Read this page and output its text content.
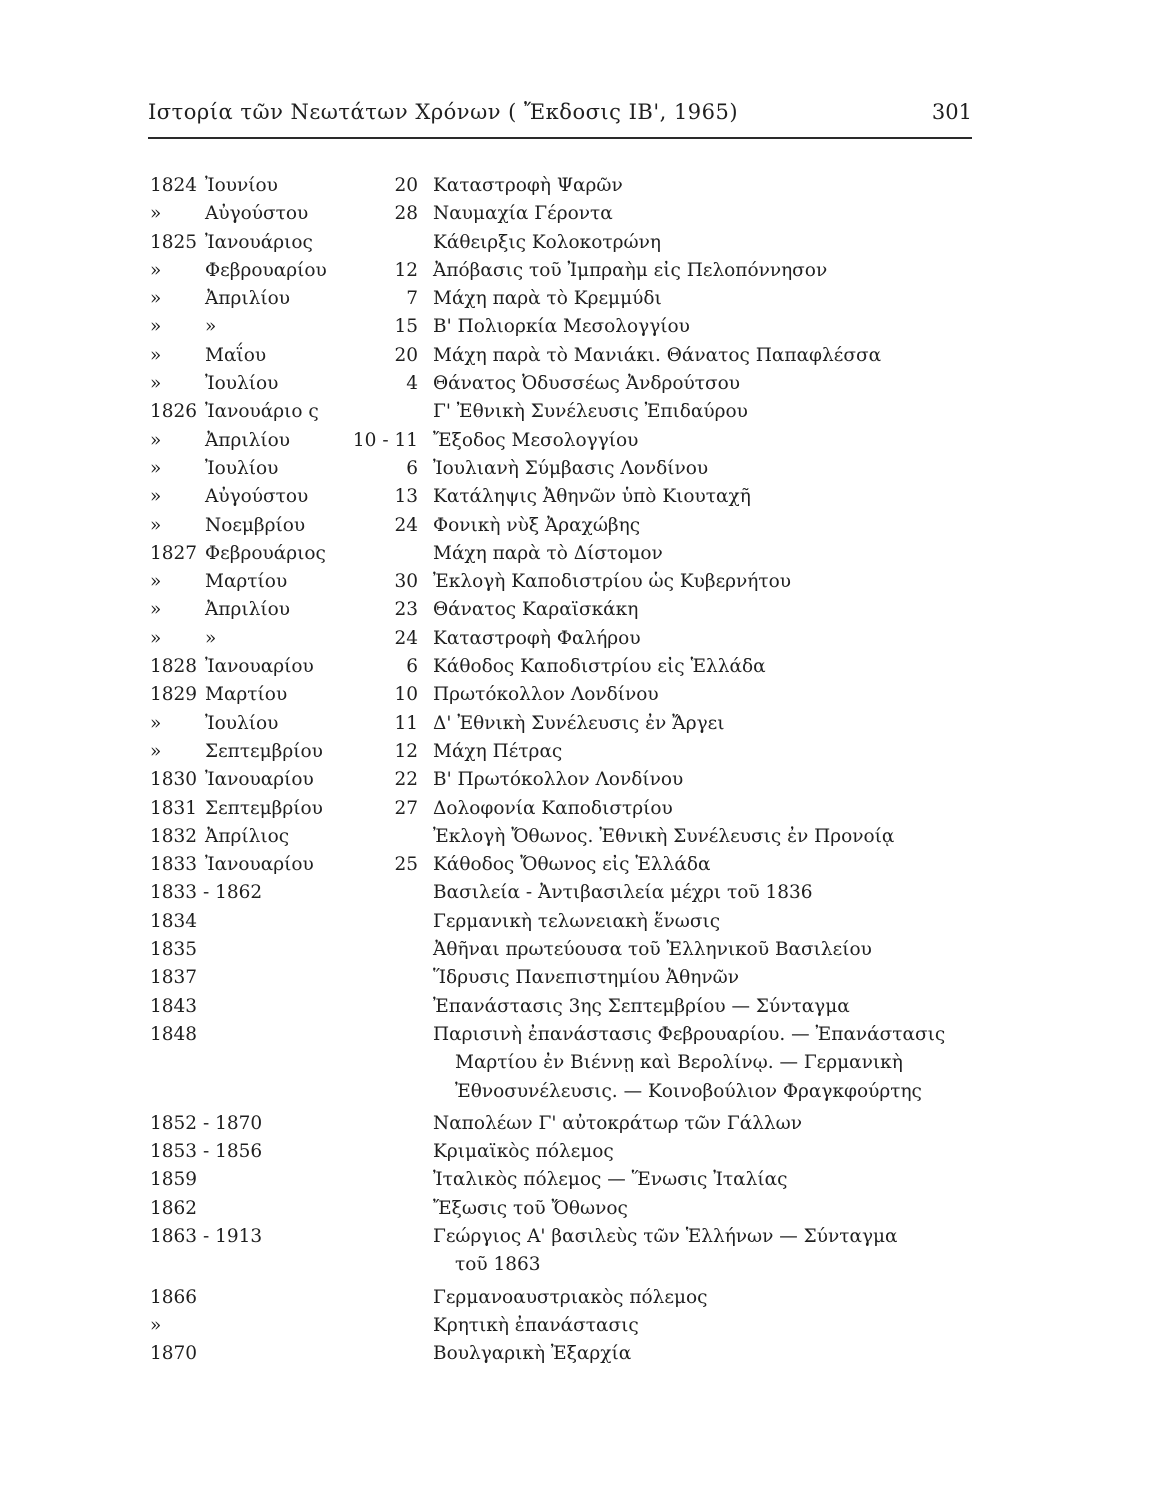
Ιστορία τῶν Νεωτάτων Χρόνων ( Ἔκδοσις ΙΒ', 1965)	301
1824 Ἰουνίου	20 Καταστροφὴ Ψαρῶν
»	Αὐγούστου	28 Ναυμαχία Γέροντα
1825 Ἰανουάριος	Κάθειρξις Κολοκοτρώνη
»	Φεβρουαρίου	12 Ἀπόβασις τοῦ Ἰμπραὴμ εἰς Πελοπόννησον
»	Ἀπριλίου	7 Μάχη παρὰ τὸ Κρεμμύδι
»	»	15 Β' Πολιορκία Μεσολογγίου
»	Μαΐου	20 Μάχη παρὰ τὸ Μανιάκι. Θάνατος Παπαφλέσσα
»	Ἰουλίου	4 Θάνατος Ὀδυσσέως Ἀνδρούτσου
1826 Ἰανουάριο ς	Γ' Ἐθνικὴ Συνέλευσις Ἐπιδαύρου
»	Ἀπριλίου	10 - 11 Ἔξοδος Μεσολογγίου
»	Ἰουλίου	6 Ἰουλιανὴ Σύμβασις Λονδίνου
»	Αὐγούστου	13 Κατάληψις Ἀθηνῶν ὑπὸ Κιουταχῆ
»	Νοεμβρίου	24 Φονικὴ νὺξ Ἀραχώβης
1827 Φεβρουάριος	Μάχη παρὰ τὸ Δίστομον
»	Μαρτίου	30 Ἐκλογὴ Καποδιστρίου ὡς Κυβερνήτου
»	Ἀπριλίου	23 Θάνατος Καραϊσκάκη
»	»	24 Καταστροφὴ Φαλήρου
1828 Ἰανουαρίου	6 Κάθοδος Καποδιστρίου εἰς Ἑλλάδα
1829 Μαρτίου	10 Πρωτόκολλον Λονδίνου
»	Ἰουλίου	11 Δ' Ἐθνικὴ Συνέλευσις ἐν Ἄργει
»	Σεπτεμβρίου	12 Μάχη Πέτρας
1830 Ἰανουαρίου	22 Β' Πρωτόκολλον Λονδίνου
1831 Σεπτεμβρίου	27 Δολοφονία Καποδιστρίου
1832 Ἀπρίλιος	Ἐκλογὴ Ὄθωνος. Ἐθνικὴ Συνέλευσις ἐν Προνοίᾳ
1833 Ἰανουαρίου	25 Κάθοδος Ὄθωνος εἰς Ἑλλάδα
1833 - 1862	Βασιλεία - Ἀντιβασιλεία μέχρι τοῦ 1836
1834	Γερμανικὴ τελωνειακὴ ἕνωσις
1835	Ἀθῆναι πρωτεύουσα τοῦ Ἑλληνικοῦ Βασιλείου
1837	Ἵδρυσις Πανεπιστημίου Ἀθηνῶν
1843	Ἐπανάστασις 3ης Σεπτεμβρίου — Σύνταγμα
1848	Παρισινὴ ἐπανάστασις Φεβρουαρίου. — Ἐπανάστασις
Μαρτίου ἐν Βιέννῃ καὶ Βερολίνῳ. — Γερμανικὴ
Ἐθνοσυνέλευσις. — Κοινοβούλιον Φραγκφούρτης
1852 - 1870	Ναπολέων Γ' αὐτοκράτωρ τῶν Γάλλων
1853 - 1856	Κριμαϊκὸς πόλεμος
1859	Ἰταλικὸς πόλεμος — Ἕνωσις Ἰταλίας
1862	Ἔξωσις τοῦ Ὄθωνος
1863 - 1913	Γεώργιος Α' βασιλεὺς τῶν Ἑλλήνων — Σύνταγμα
τοῦ 1863
1866	Γερμανοαυστριακὸς πόλεμος
»	Κρητικὴ ἐπανάστασις
1870	Βουλγαρικὴ Ἐξαρχία
